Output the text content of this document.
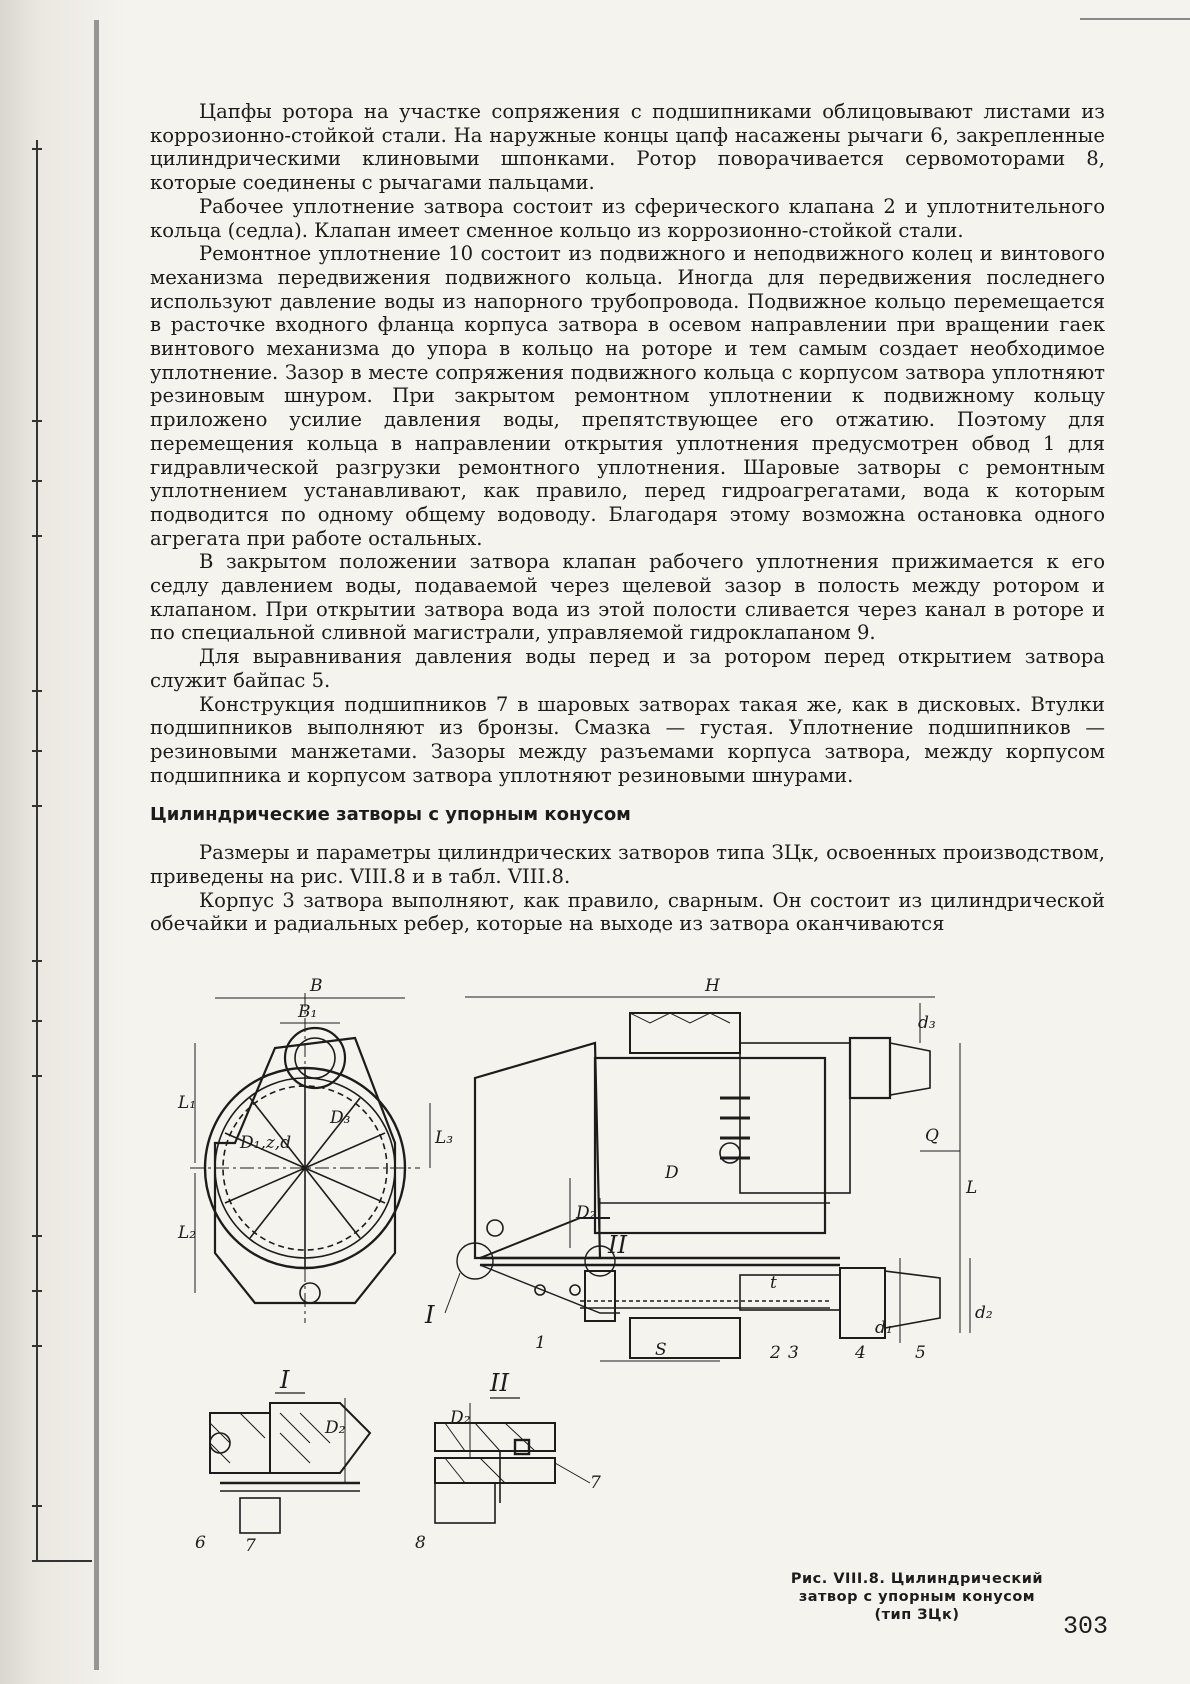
Цапфы ротора на участке сопряжения с подшипниками облицовывают листами из коррозионно-стойкой стали. На наружные концы цапф насажены рычаги 6, закрепленные цилиндрическими клиновыми шпонками. Ротор поворачивается сервомоторами 8, которые соединены с рычагами пальцами.

Рабочее уплотнение затвора состоит из сферического клапана 2 и уплотнительного кольца (седла). Клапан имеет сменное кольцо из коррозионно-стойкой стали.

Ремонтное уплотнение 10 состоит из подвижного и неподвижного колец и винтового механизма передвижения подвижного кольца. Иногда для передвижения последнего используют давление воды из напорного трубопровода. Подвижное кольцо перемещается в расточке входного фланца корпуса затвора в осевом направлении при вращении гаек винтового механизма до упора в кольцо на роторе и тем самым создает необходимое уплотнение. Зазор в месте сопряжения подвижного кольца с корпусом затвора уплотняют резиновым шнуром. При закрытом ремонтном уплотнении к подвижному кольцу приложено усилие давления воды, препятствующее его отжатию. Поэтому для перемещения кольца в направлении открытия уплотнения предусмотрен обвод 1 для гидравлической разгрузки ремонтного уплотнения. Шаровые затворы с ремонтным уплотнением устанавливают, как правило, перед гидроагрегатами, вода к которым подводится по одному общему водоводу. Благодаря этому возможна остановка одного агрегата при работе остальных.

В закрытом положении затвора клапан рабочего уплотнения прижимается к его седлу давлением воды, подаваемой через щелевой зазор в полость между ротором и клапаном. При открытии затвора вода из этой полости сливается через канал в роторе и по специальной сливной магистрали, управляемой гидроклапаном 9.

Для выравнивания давления воды перед и за ротором перед открытием затвора служит байпас 5.

Конструкция подшипников 7 в шаровых затворах такая же, как в дисковых. Втулки подшипников выполняют из бронзы. Смазка — густая. Уплотнение подшипников — резиновыми манжетами. Зазоры между разъемами корпуса затвора, между корпусом подшипника и корпусом затвора уплотняют резиновыми шнурами.

Цилиндрические затворы с упорным конусом

Размеры и параметры цилиндрических затворов типа ЗЦк, освоенных производством, приведены на рис. VIII.8 и в табл. VIII.8.

Корпус 3 затвора выполняют, как правило, сварным. Он состоит из цилиндрической обечайки и радиальных ребер, которые на выходе из затвора оканчиваются

B
B₁
L₁
L₂
L₃
D₁,z,d
D₃
H
d₃
Q
L
D
D₂
II
I
t
1	2 3	4	5
d₁
d₂
S
I
D₂
6 7
II
D₂
7
8
Рис. VIII.8. Цилиндрический
затвор с упорным конусом
(тип ЗЦк)	303
